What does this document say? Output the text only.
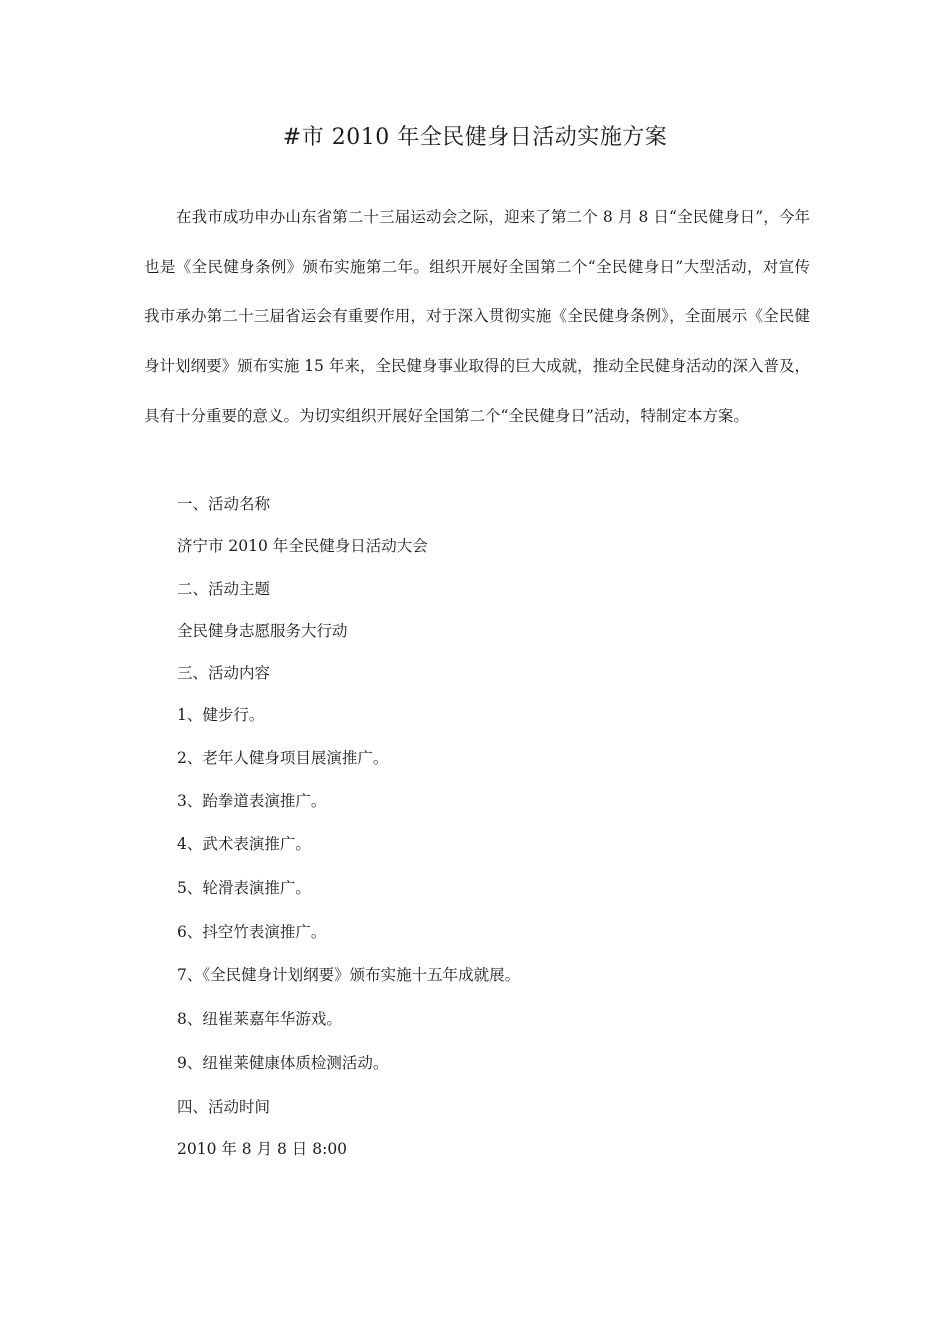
#市 2010 年全民健身日活动实施方案

在我市成功申办山东省第二十三届运动会之际，迎来了第二个 8 月 8 日“全民健身日”，今年也是《全民健身条例》颁布实施第二年。组织开展好全国第二个“全民健身日”大型活动，对宣传我市承办第二十三届省运会有重要作用，对于深入贯彻实施《全民健身条例》，全面展示《全民健身计划纲要》颁布实施 15 年来，全民健身事业取得的巨大成就，推动全民健身活动的深入普及，具有十分重要的意义。为切实组织开展好全国第二个“全民健身日”活动，特制定本方案。

一、活动名称
济宁市 2010 年全民健身日活动大会
二、活动主题
全民健身志愿服务大行动
三、活动内容
1、健步行。
2、老年人健身项目展演推广。
3、跆拳道表演推广。
4、武术表演推广。
5、轮滑表演推广。
6、抖空竹表演推广。
7、《全民健身计划纲要》颁布实施十五年成就展。
8、纽崔莱嘉年华游戏。
9、纽崔莱健康体质检测活动。
四、活动时间
2010 年 8 月 8 日 8:00
